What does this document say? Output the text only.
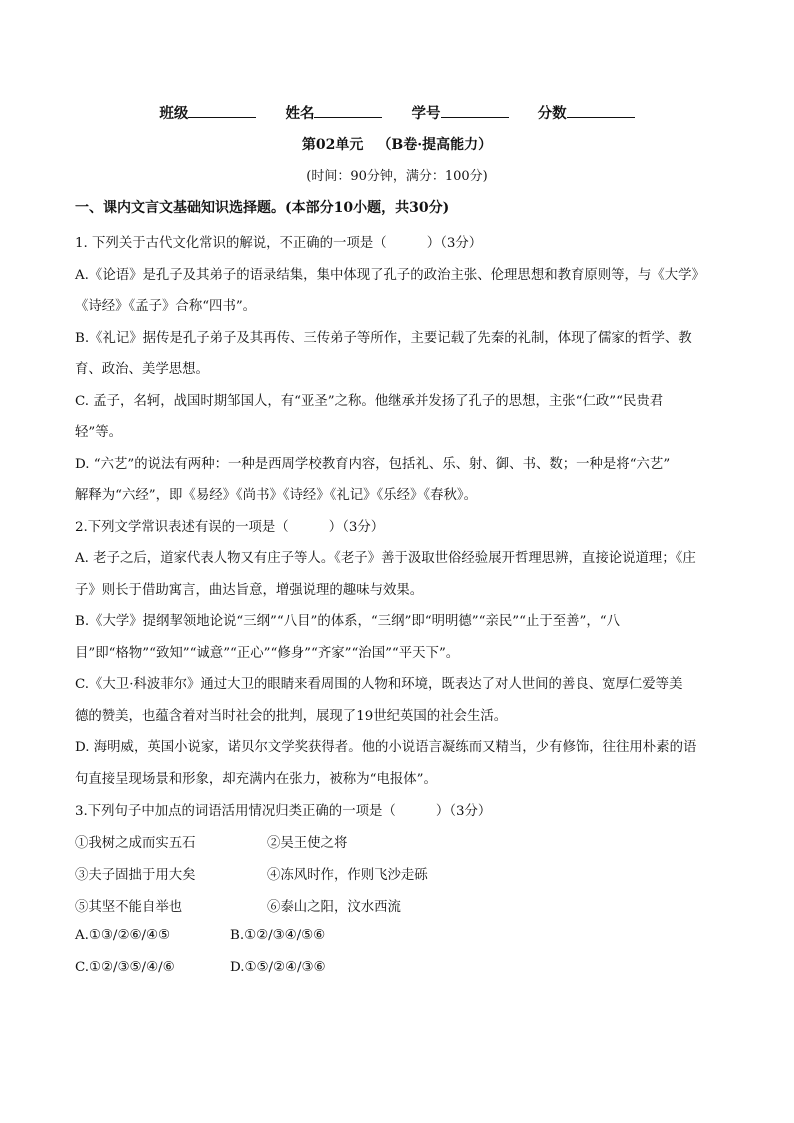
班级	姓名	学号	分数
第02单元 （B卷·提高能力）
(时间：90分钟，满分：100分)
一、课内文言文基础知识选择题。(本部分10小题，共30分)
1. 下列关于古代文化常识的解说，不正确的一项是（　　　）（3分）
A.《论语》是孔子及其弟子的语录结集，集中体现了孔子的政治主张、伦理思想和教育原则等，与《大学》
《诗经》《孟子》合称“四书”。
B.《礼记》据传是孔子弟子及其再传、三传弟子等所作，主要记载了先秦的礼制，体现了儒家的哲学、教
育、政治、美学思想。
C. 孟子，名轲，战国时期邹国人，有“亚圣”之称。他继承并发扬了孔子的思想，主张“仁政”“民贵君
轻”等。
D. “六艺”的说法有两种：一种是西周学校教育内容，包括礼、乐、射、御、书、数；一种是将“六艺”
解释为“六经”，即《易经》《尚书》《诗经》《礼记》《乐经》《春秋》。
2.下列文学常识表述有误的一项是（　　　）（3分）
A. 老子之后，道家代表人物又有庄子等人。《老子》善于汲取世俗经验展开哲理思辨，直接论说道理；《庄
子》则长于借助寓言，曲达旨意，增强说理的趣味与效果。
B.《大学》提纲挈领地论说“三纲”“八目”的体系，“三纲”即“明明德”“亲民”“止于至善”，“八
目”即“格物”“致知”“诚意”“正心”“修身”“齐家”“治国”“平天下”。
C.《大卫·科波菲尔》通过大卫的眼睛来看周围的人物和环境，既表达了对人世间的善良、宽厚仁爱等美
德的赞美，也蕴含着对当时社会的批判，展现了19世纪英国的社会生活。
D. 海明威，英国小说家，诺贝尔文学奖获得者。他的小说语言凝练而又精当，少有修饰，往往用朴素的语
句直接呈现场景和形象，却充满内在张力，被称为“电报体”。
3.下列句子中加点的词语活用情况归类正确的一项是（　　　）（3分）
①我树之成而实五石	②吴王使之将
③夫子固拙于用大矣	④冻风时作，作则飞沙走砾
⑤其坚不能自举也	⑥泰山之阳，汶水西流
A.①③/②⑥/④⑤	B.①②/③④/⑤⑥
C.①②/③⑤/④/⑥	D.①⑤/②④/③⑥
